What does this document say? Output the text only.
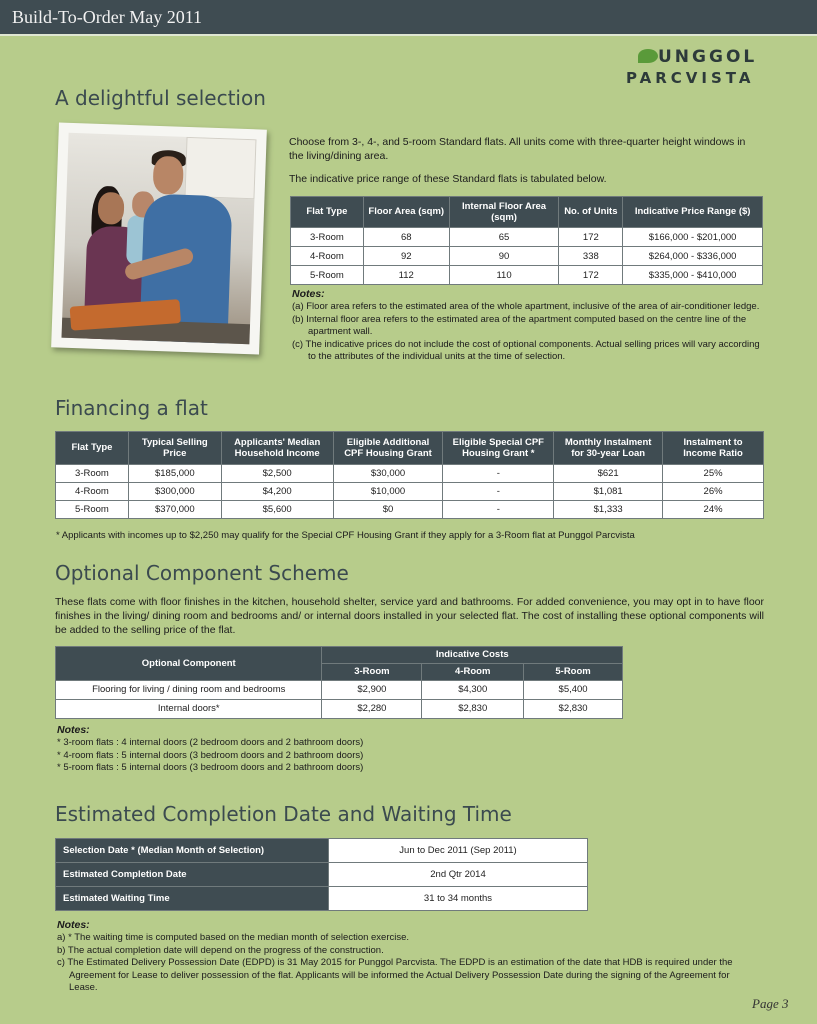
Build-To-Order May 2011
UNGGOL
PARCVISTA
A delightful selection
Choose from 3-, 4-, and 5-room Standard flats. All units come with three-quarter height windows in the living/dining area.
The indicative price range of these Standard flats is tabulated below.
Flat Type	Floor Area (sqm)	Internal Floor Area (sqm)	No. of Units	Indicative Price Range ($)
3-Room	68	65	172	$166,000 - $201,000
4-Room	92	90	338	$264,000 - $336,000
5-Room	112	110	172	$335,000 - $410,000
Notes:
(a) Floor area refers to the estimated area of the whole apartment, inclusive of the area of air-conditioner ledge.
(b) Internal floor area refers to the estimated area of the apartment computed based on the centre line of the apartment wall.
(c) The indicative prices do not include the cost of optional components. Actual selling prices will vary according to the attributes of the individual units at the time of selection.
Financing a flat
Flat Type	Typical Selling Price	Applicants' Median Household Income	Eligible Additional CPF Housing Grant	Eligible Special CPF Housing Grant *	Monthly Instalment for 30-year Loan	Instalment to Income Ratio
3-Room	$185,000	$2,500	$30,000	-	$621	25%
4-Room	$300,000	$4,200	$10,000	-	$1,081	26%
5-Room	$370,000	$5,600	$0	-	$1,333	24%
* Applicants with incomes up to $2,250 may qualify for the Special CPF Housing Grant if they apply for a 3-Room flat at Punggol Parcvista
Optional Component Scheme
These flats come with floor finishes in the kitchen, household shelter, service yard and bathrooms. For added convenience, you may opt in to have floor finishes in the living/ dining room and bedrooms and/ or internal doors installed in your selected flat. The cost of installing these optional components will be added to the selling price of the flat.
Optional Component	Indicative Costs		
	3-Room	4-Room	5-Room
Flooring for living / dining room and bedrooms	$2,900	$4,300	$5,400
Internal doors*	$2,280	$2,830	$2,830
Notes:
* 3-room flats : 4 internal doors (2 bedroom doors and 2 bathroom doors)
* 4-room flats : 5 internal doors (3 bedroom doors and 2 bathroom doors)
* 5-room flats : 5 internal doors (3 bedroom doors and 2 bathroom doors)
Estimated Completion Date and Waiting Time
Selection Date * (Median Month of Selection)	Jun to Dec 2011 (Sep 2011)
Estimated Completion Date	2nd Qtr 2014
Estimated Waiting Time	31 to 34 months
Notes:
a) * The waiting time is computed based on the median month of selection exercise.
b) The actual completion date will depend on the progress of the construction.
c) The Estimated Delivery Possession Date (EDPD) is 31 May 2015 for Punggol Parcvista. The EDPD is an estimation of the date that HDB is required under the Agreement for Lease to deliver possession of the flat. Applicants will be informed the Actual Delivery Possession Date during the signing of the Agreement for Lease.
Page 3
